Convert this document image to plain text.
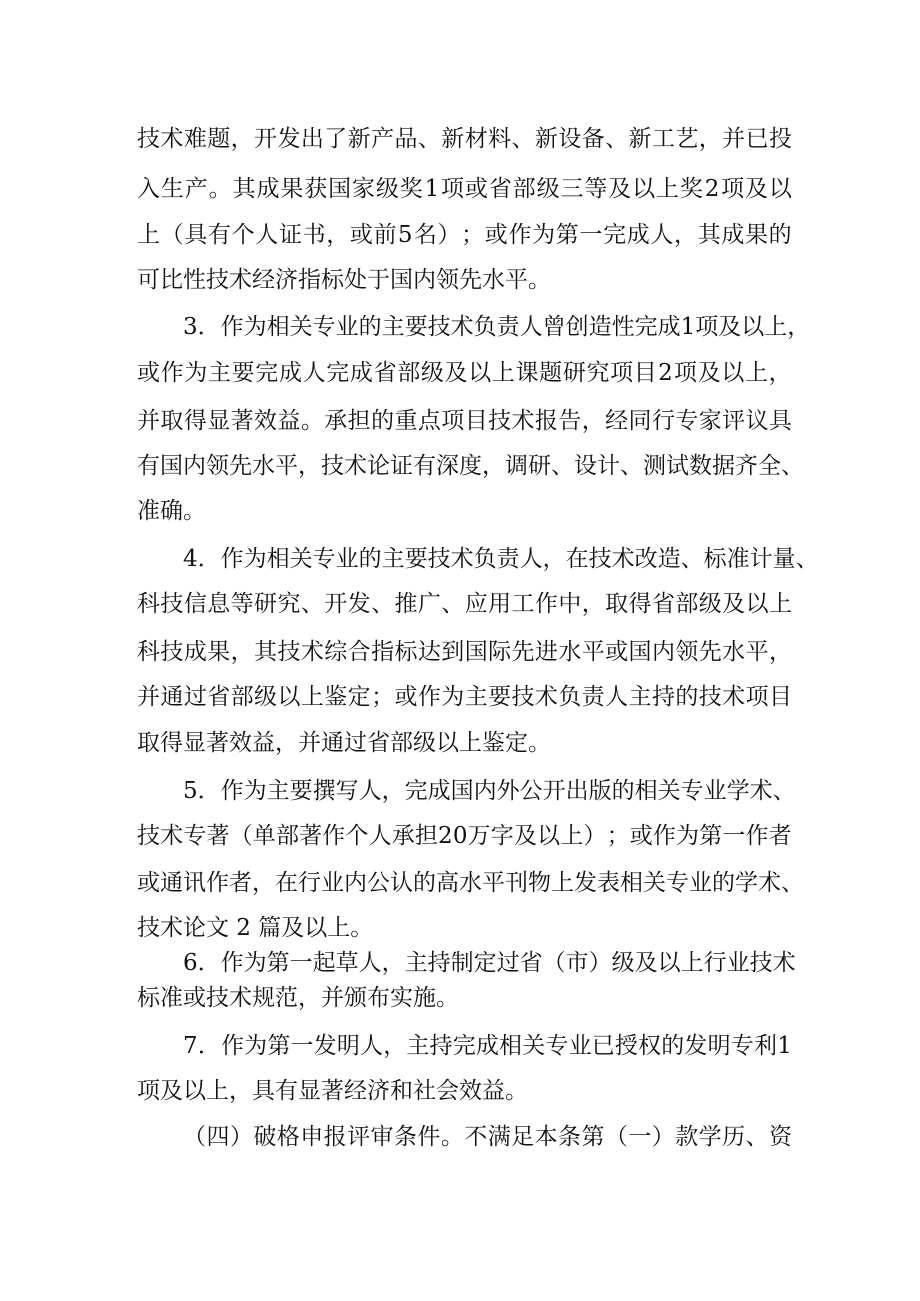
技 术 难 题 ， 开 发 出 了 新 产 品 、 新 材 料 、 新 设 备 、 新 工 艺 ， 并 已 投
入 生 产 。 其 成 果 获 国 家 级 奖 1 项 或 省 部 级 三 等 及 以 上 奖 2 项 及 以
上 （ 具 有 个 人 证 书 ， 或 前 5 名 ） ； 或 作 为 第 一 完 成 人 ， 其 成 果 的
可比性技术经济指标处于国内领先水平。
3 ． 作 为 相 关 专 业 的 主 要 技 术 负 责 人 曾 创 造 性 完 成 1 项 及 以 上 ，
或 作 为 主 要 完 成 人 完 成 省 部 级 及 以 上 课 题 研 究 项 目 2 项 及 以 上 ，
并 取 得 显 著 效 益 。 承 担 的 重 点 项 目 技 术 报 告 ， 经 同 行 专 家 评 议 具
有 国 内 领 先 水 平 ， 技 术 论 证 有 深 度 ， 调 研 、 设 计 、 测 试 数 据 齐 全 、
准确。
4 ． 作 为 相 关 专 业 的 主 要 技 术 负 责 人 ， 在 技 术 改 造 、 标 准 计 量 、
科 技 信 息 等 研 究 、 开 发 、 推 广 、 应 用 工 作 中 ， 取 得 省 部 级 及 以 上
科 技 成 果 ， 其 技 术 综 合 指 标 达 到 国 际 先 进 水 平 或 国 内 领 先 水 平 ，
并 通 过 省 部 级 以 上 鉴 定 ； 或 作 为 主 要 技 术 负 责 人 主 持 的 技 术 项 目
取得显著效益，并通过省部级以上鉴定。
5 ． 作 为 主 要 撰 写 人 ， 完 成 国 内 外 公 开 出 版 的 相 关 专 业 学 术 、
技 术 专 著 （ 单 部 著 作 个 人 承 担 2 0 万 字 及 以 上 ） ； 或 作 为 第 一 作 者
或 通 讯 作 者 ， 在 行 业 内 公 认 的 高 水 平 刊 物 上 发 表 相 关 专 业 的 学 术 、
技术论文 2 篇及以上。
6 ． 作 为 第 一 起 草 人 ， 主 持 制 定 过 省 （ 市 ） 级 及 以 上 行 业 技 术
标准或技术规范，并颁布实施。
7 ． 作 为 第 一 发 明 人 ， 主 持 完 成 相 关 专 业 已 授 权 的 发 明 专 利 1
项及以上，具有显著经济和社会效益。
（ 四 ） 破 格 申 报 评 审 条 件 。 不 满 足 本 条 第 （ 一 ） 款 学 历 、 资
